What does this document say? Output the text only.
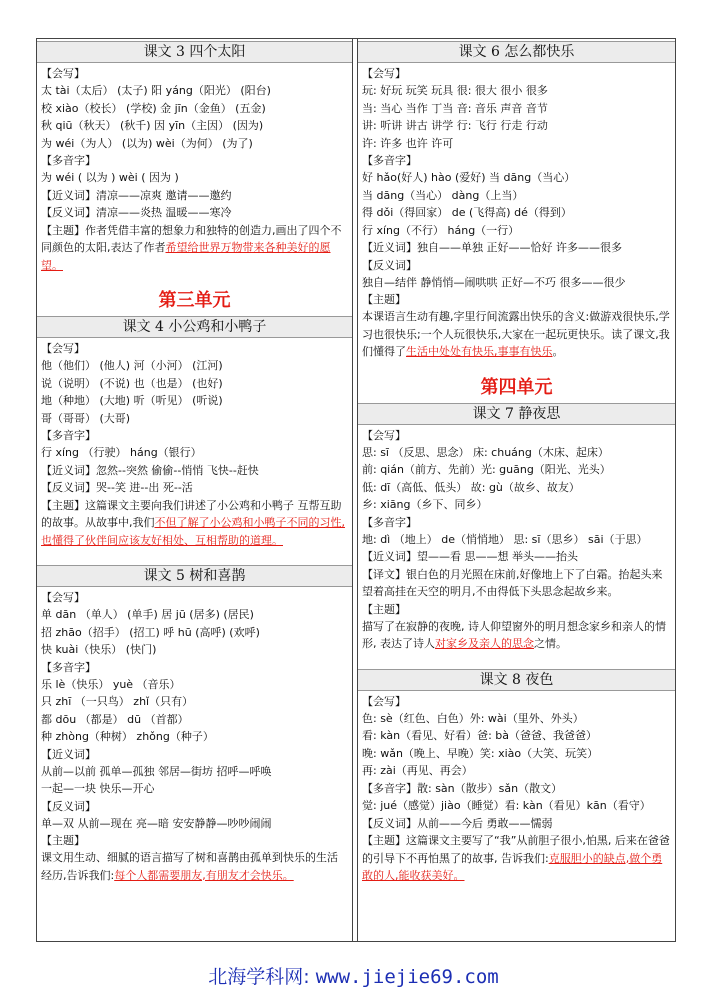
课文 3 四个太阳
【会写】
太 tài（太后） (太子) 阳 yáng（阳光） (阳台)
校 xiào（校长） (学校) 金 jīn（金鱼） (五金)
秋 qiū（秋天） (秋千) 因 yīn（主因） (因为)
为 wéi（为人） (以为) wèi（为何） (为了)
【多音字】
为 wéi ( 以为 ) wèi ( 因为 )
【近义词】清凉——凉爽 邀请——邀约
【反义词】清凉——炎热 温暖——寒冷
【主题】作者凭借丰富的想象力和独特的创造力,画出了四个不同颜色的太阳,表达了作者希望给世界万物带来各种美好的愿望。
第三单元
课文 4 小公鸡和小鸭子
【会写】
他（他们） (他人) 河（小河） (江河)
说（说明） (不说) 也（也是） (也好)
地（种地） (大地) 听（听见） (听说)
哥（哥哥） (大哥)
【多音字】
行 xíng （行驶） háng（银行）
【近义词】忽然--突然 偷偷--悄悄 飞快--赶快
【反义词】哭--笑 进--出 死--活
【主题】这篇课文主要向我们讲述了小公鸡和小鸭子 互帮互助的故事。从故事中,我们不但了解了小公鸡和小鸭子不同的习性,也懂得了伙伴间应该友好相处、互相帮助的道理。
课文 5 树和喜鹊
【会写】
单 dān （单人） (单手) 居 jū (居多) (居民)
招 zhāo（招手） (招工) 呼 hū (高呼) (欢呼)
快 kuài（快乐） (快门)
【多音字】
乐 lè（快乐） yuè （音乐）
只 zhī （一只鸟） zhǐ（只有）
都 dōu （都是） dū （首都）
种 zhòng（种树） zhǒng（种子）
【近义词】
从前—以前 孤单—孤独 邻居—街坊 招呼—呼唤
一起—一块 快乐—开心
【反义词】
单—双 从前—现在 亮—暗 安安静静—吵吵闹闹
【主题】
课文用生动、细腻的语言描写了树和喜鹊由孤单到快乐的生活经历,告诉我们:每个人都需要朋友,有朋友才会快乐。
课文 6 怎么都快乐
【会写】
玩: 好玩 玩笑 玩具 很: 很大 很小 很多
当: 当心 当作 丁当 音: 音乐 声音 音节
讲: 听讲 讲古 讲学 行: 飞行 行走 行动
许: 许多 也许 许可
【多音字】
好 hǎo(好人) hào (爱好) 当 dāng（当心）
当 dāng（当心） dàng（上当）
得 dǒi（得回家） de (飞得高) dé（得到）
行 xíng（不行） háng（一行）
【近义词】独自——单独 正好——恰好 许多——很多
【反义词】
独自—结伴 静悄悄—闹哄哄 正好—不巧 很多——很少
【主题】
本课语言生动有趣,字里行间流露出快乐的含义:做游戏很快乐,学习也很快乐;一个人玩很快乐,大家在一起玩更快乐。读了课文,我们懂得了生活中处处有快乐,事事有快乐。
第四单元
课文 7 静夜思
【会写】
思: sī （反思、思念） 床: chuáng（木床、起床）
前: qián（前方、先前）光: guāng（阳光、光头）
低: dī（高低、低头） 故: gù（故乡、故友）
乡: xiāng（乡下、同乡）
【多音字】
地: dì （地上） de（悄悄地） 思: sī（思乡） sāi（于思）
【近义词】望——看 思——想 举头——抬头
【译文】银白色的月光照在床前,好像地上下了白霜。抬起头来望着高挂在天空的明月,不由得低下头思念起故乡来。
【主题】
描写了在寂静的夜晚, 诗人仰望窗外的明月想念家乡和亲人的情形, 表达了诗人对家乡及亲人的思念之情。
课文 8 夜色
【会写】
色: sè（红色、白色）外: wài（里外、外头）
看: kàn（看见、好看）爸: bà（爸爸、我爸爸）
晚: wǎn（晚上、早晚）笑: xiào（大笑、玩笑）
再: zài（再见、再会）
【多音字】散: sàn（散步）sǎn（散文）
觉: jué（感觉）jiào（睡觉）看: kàn（看见）kān（看守）
【反义词】从前——今后 勇敢——懦弱
【主题】这篇课文主要写了“我”从前胆子很小,怕黑, 后来在爸爸的引导下不再怕黑了的故事, 告诉我们:克服胆小的缺点,做个勇敢的人,能收获美好。
北海学科网: www.jiejie69.com
